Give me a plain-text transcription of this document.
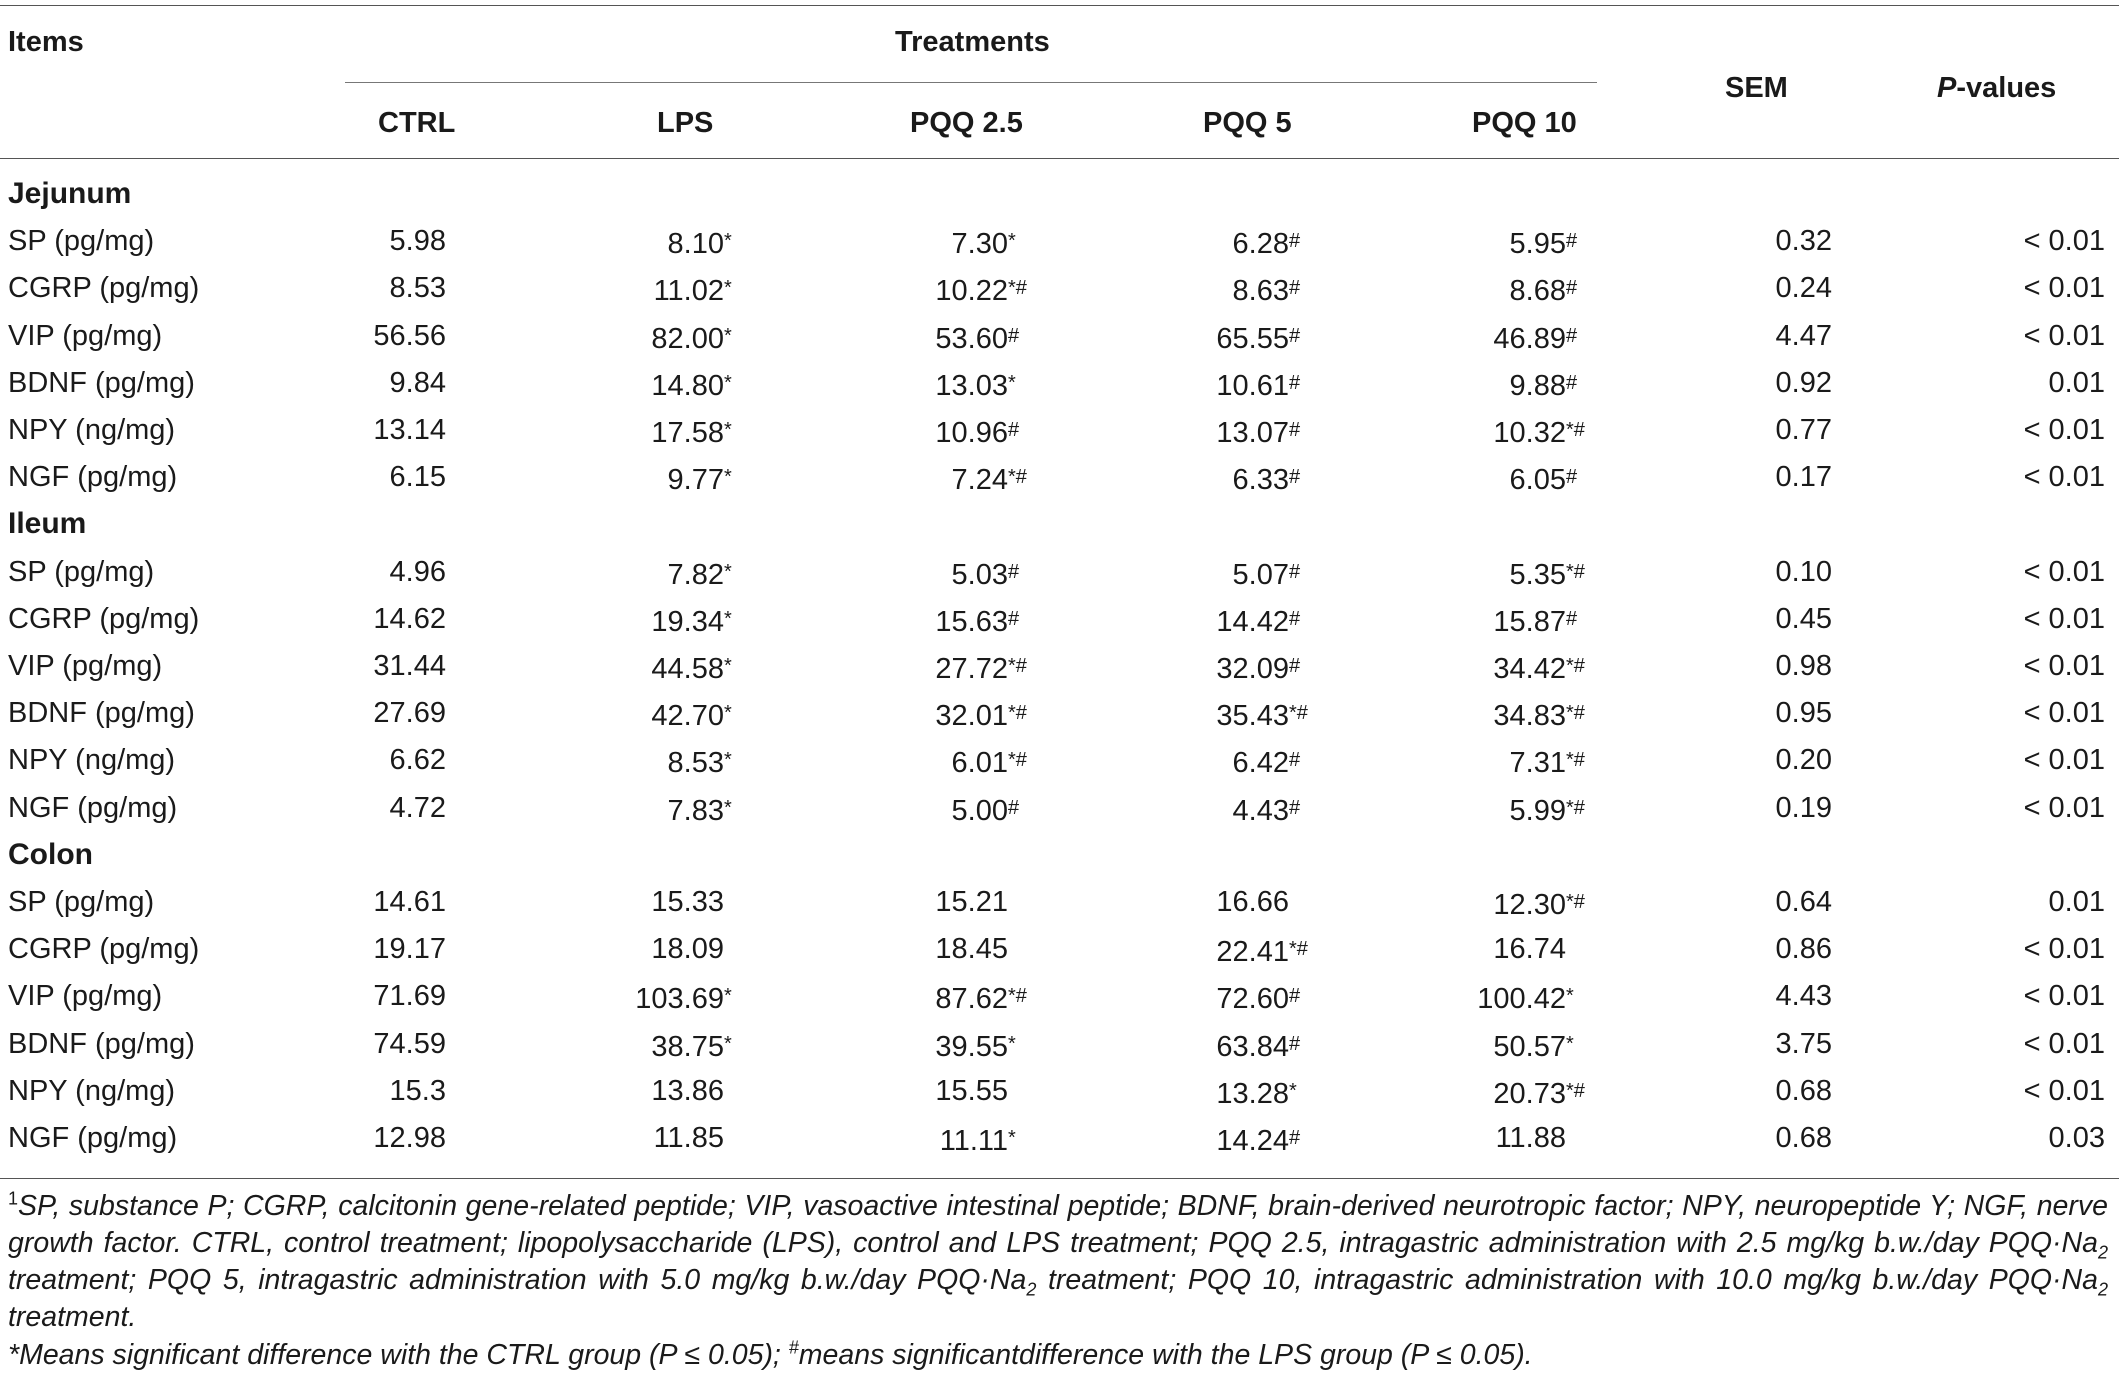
Items	Treatments
SEM	P-values
CTRL	LPS	PQQ 2.5	PQQ 5	PQQ 10
Jejunum
SP (pg/mg)	5.98	8.10*	7.30*	6.28#	5.95#	0.32	< 0.01
CGRP (pg/mg)	8.53	11.02*	10.22*#	8.63#	8.68#	0.24	< 0.01
VIP (pg/mg)	56.56	82.00*	53.60#	65.55#	46.89#	4.47	< 0.01
BDNF (pg/mg)	9.84	14.80*	13.03*	10.61#	9.88#	0.92	0.01
NPY (ng/mg)	13.14	17.58*	10.96#	13.07#	10.32*#	0.77	< 0.01
NGF (pg/mg)	6.15	9.77*	7.24*#	6.33#	6.05#	0.17	< 0.01
Ileum
SP (pg/mg)	4.96	7.82*	5.03#	5.07#	5.35*#	0.10	< 0.01
CGRP (pg/mg)	14.62	19.34*	15.63#	14.42#	15.87#	0.45	< 0.01
VIP (pg/mg)	31.44	44.58*	27.72*#	32.09#	34.42*#	0.98	< 0.01
BDNF (pg/mg)	27.69	42.70*	32.01*#	35.43*#	34.83*#	0.95	< 0.01
NPY (ng/mg)	6.62	8.53*	6.01*#	6.42#	7.31*#	0.20	< 0.01
NGF (pg/mg)	4.72	7.83*	5.00#	4.43#	5.99*#	0.19	< 0.01
Colon
SP (pg/mg)	14.61	15.33	15.21	16.66	12.30*#	0.64	0.01
CGRP (pg/mg)	19.17	18.09	18.45	22.41*#	16.74	0.86	< 0.01
VIP (pg/mg)	71.69	103.69*	87.62*#	72.60#	100.42*	4.43	< 0.01
BDNF (pg/mg)	74.59	38.75*	39.55*	63.84#	50.57*	3.75	< 0.01
NPY (ng/mg)	15.3	13.86	15.55	13.28*	20.73*#	0.68	< 0.01
NGF (pg/mg)	12.98	11.85	11.11*	14.24#	11.88	0.68	0.03
$^1$SP, substance P; CGRP, calcitonin gene-related peptide; VIP, vasoactive intestinal peptide; BDNF, brain-derived neurotropic factor; NPY, neuropeptide Y; NGF, nerve growth factor. CTRL, control treatment; lipopolysaccharide (LPS), control and LPS treatment; PQQ 2.5, intragastric administration with 2.5 mg/kg b.w./day $PQQ\cdot Na_2$ treatment; PQQ 5, intragastric administration with 5.0 mg/kg b.w./day $PQQ\cdot Na_2$ treatment; PQQ 10, intragastric administration with 10.0 mg/kg b.w./day $PQQ\cdot Na_2$ treatment.
*Means significant difference with the CTRL group (P ≤ 0.05); #means significantdifference with the LPS group (P ≤ 0.05).
